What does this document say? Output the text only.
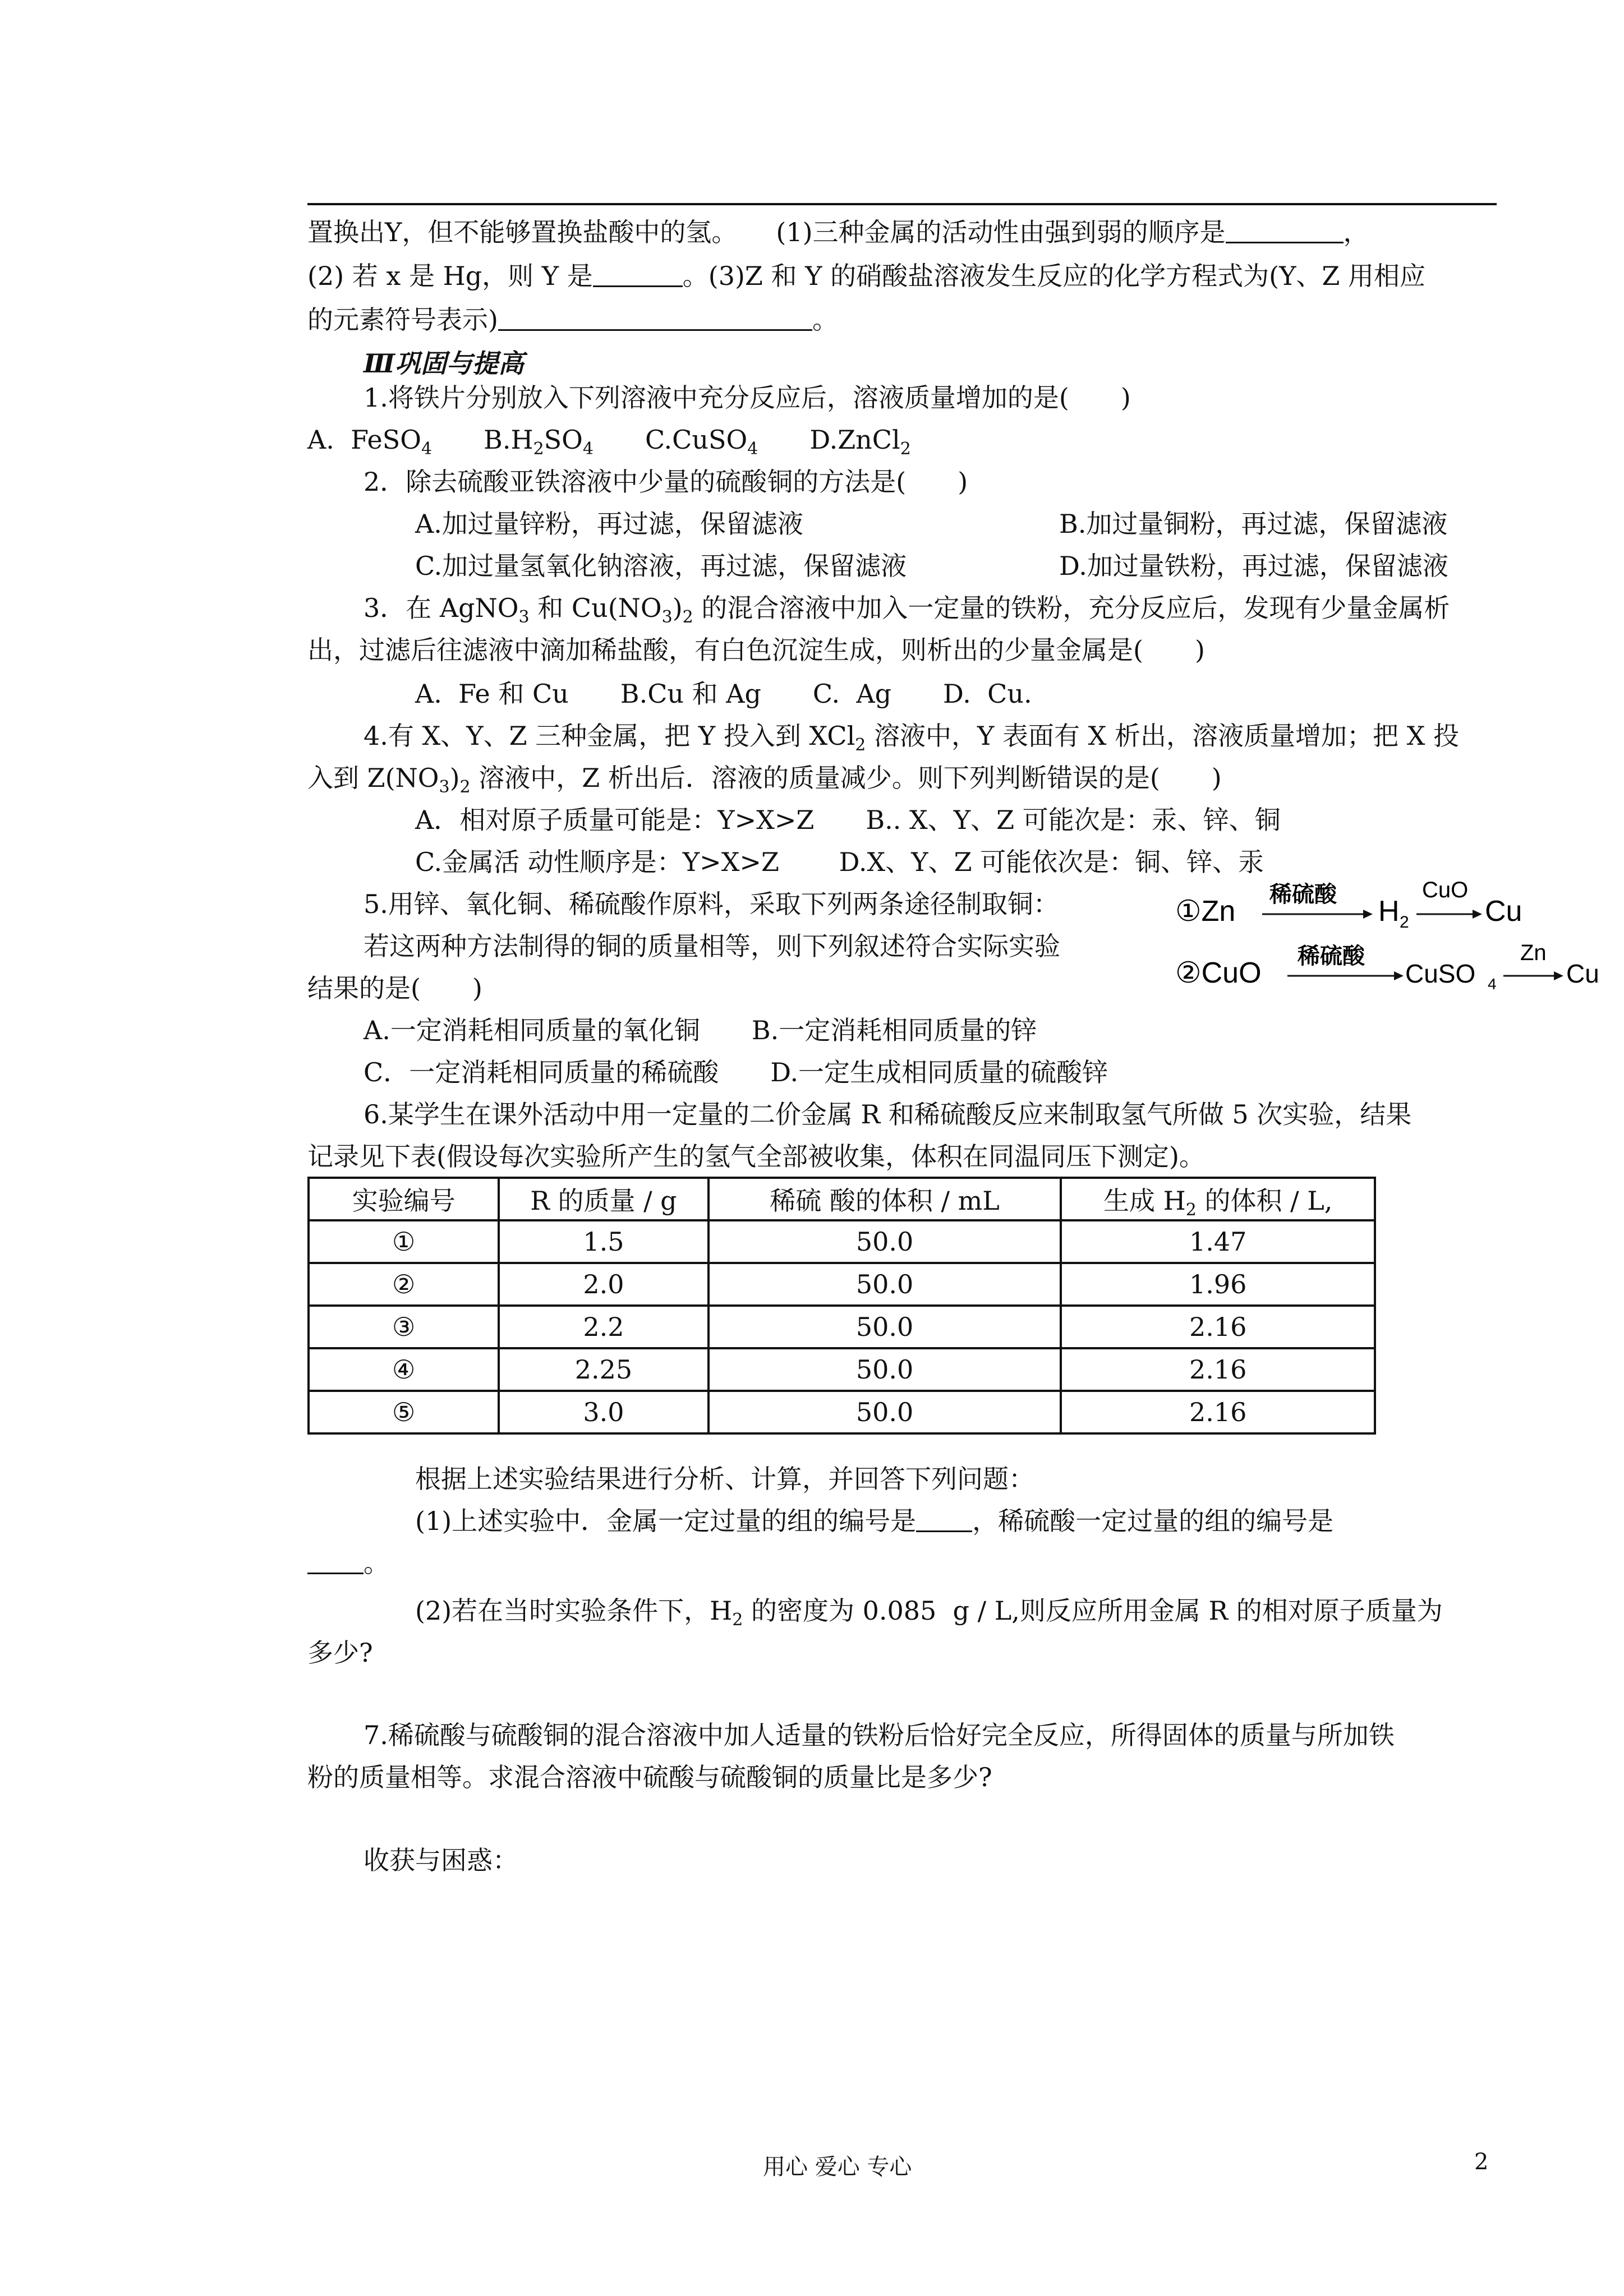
置换出Y，但不能够置换盐酸中的氢。　　(1)三种金属的活动性由强到弱的顺序是	，
(2) 若 x 是 Hg，则 Y 是	。(3)Z 和 Y 的硝酸盐溶液发生反应的化学方程式为(Y、Z 用相应
的元素符号表示)	。
Ⅲ巩固与提高
1.将铁片分别放入下列溶液中充分反应后，溶液质量增加的是(　　)
A.  FeSO$_4$　　 $B.H_2SO_4$　　 C.CuSO$_4$　　 D.ZnCl$_2$
2．除去硫酸亚铁溶液中少量的硫酸铜的方法是(　　)
A.加过量锌粉，再过滤，保留滤液	B.加过量铜粉，再过滤，保留滤液
C.加过量氢氧化钠溶液，再过滤，保留滤液	D.加过量铁粉，再过滤，保留滤液
3．在 AgNO$_3$ 和 $Cu(NO_3)_2$ 的混合溶液中加入一定量的铁粉，充分反应后，发现有少量金属析
出，过滤后往滤液中滴加稀盐酸，有白色沉淀生成，则析出的少量金属是(　　)
A.  Fe 和 Cu　　B.Cu 和 Ag　　C.  Ag　　D.  Cu.
4.有 X、Y、Z 三种金属，把 Y 投入到 XCl$_2$ 溶液中，Y 表面有 X 析出，溶液质量增加；把 X 投
入到 $Z(NO_3)_2$ 溶液中，Z 析出后．溶液的质量减少。则下列判断错误的是(　　)
A．相对原子质量可能是：Y>X>Z　　B.. X、Y、Z 可能次是：汞、锌、铜
C.金属活 动性顺序是：Y>X>Z　　 D.X、Y、Z 可能依次是：铜、锌、汞
5.用锌、氧化铜、稀硫酸作原料，采取下列两条途径制取铜：
若这两种方法制得的铜的质量相等，则下列叙述符合实际实验
结果的是(　　)
①Zn
稀硫酸
H 2
CuO
Cu
②CuO
稀硫酸
CuSO 4
Zn
Cu
A.一定消耗相同质量的氧化铜　　B.一定消耗相同质量的锌
C．一定消耗相同质量的稀硫酸　　D.一定生成相同质量的硫酸锌
6.某学生在课外活动中用一定量的二价金属 R 和稀硫酸反应来制取氢气所做 5 次实验，结果
记录见下表(假设每次实验所产生的氢气全部被收集，体积在同温同压下测定)。
实验编号	R 的质量 / g	稀硫 酸的体积 / mL	生成 $H_2$ 的体积 / L,
①	1.5	50.0	1.47
②	2.0	50.0	1.96
③	2.2	50.0	2.16
④	2.25	50.0	2.16
⑤	3.0	50.0	2.16
根据上述实验结果进行分析、计算，并回答下列问题：
(1)上述实验中．金属一定过量的组的编号是 ，稀硫酸一定过量的组的编号是
。
(2)若在当时实验条件下，$H_2$ 的密度为 0.085  g / L,则反应所用金属 R 的相对原子质量为
多少?
7.稀硫酸与硫酸铜的混合溶液中加人适量的铁粉后恰好完全反应，所得固体的质量与所加铁
粉的质量相等。求混合溶液中硫酸与硫酸铜的质量比是多少?
收获与困惑：
用心 爱心 专心	2
